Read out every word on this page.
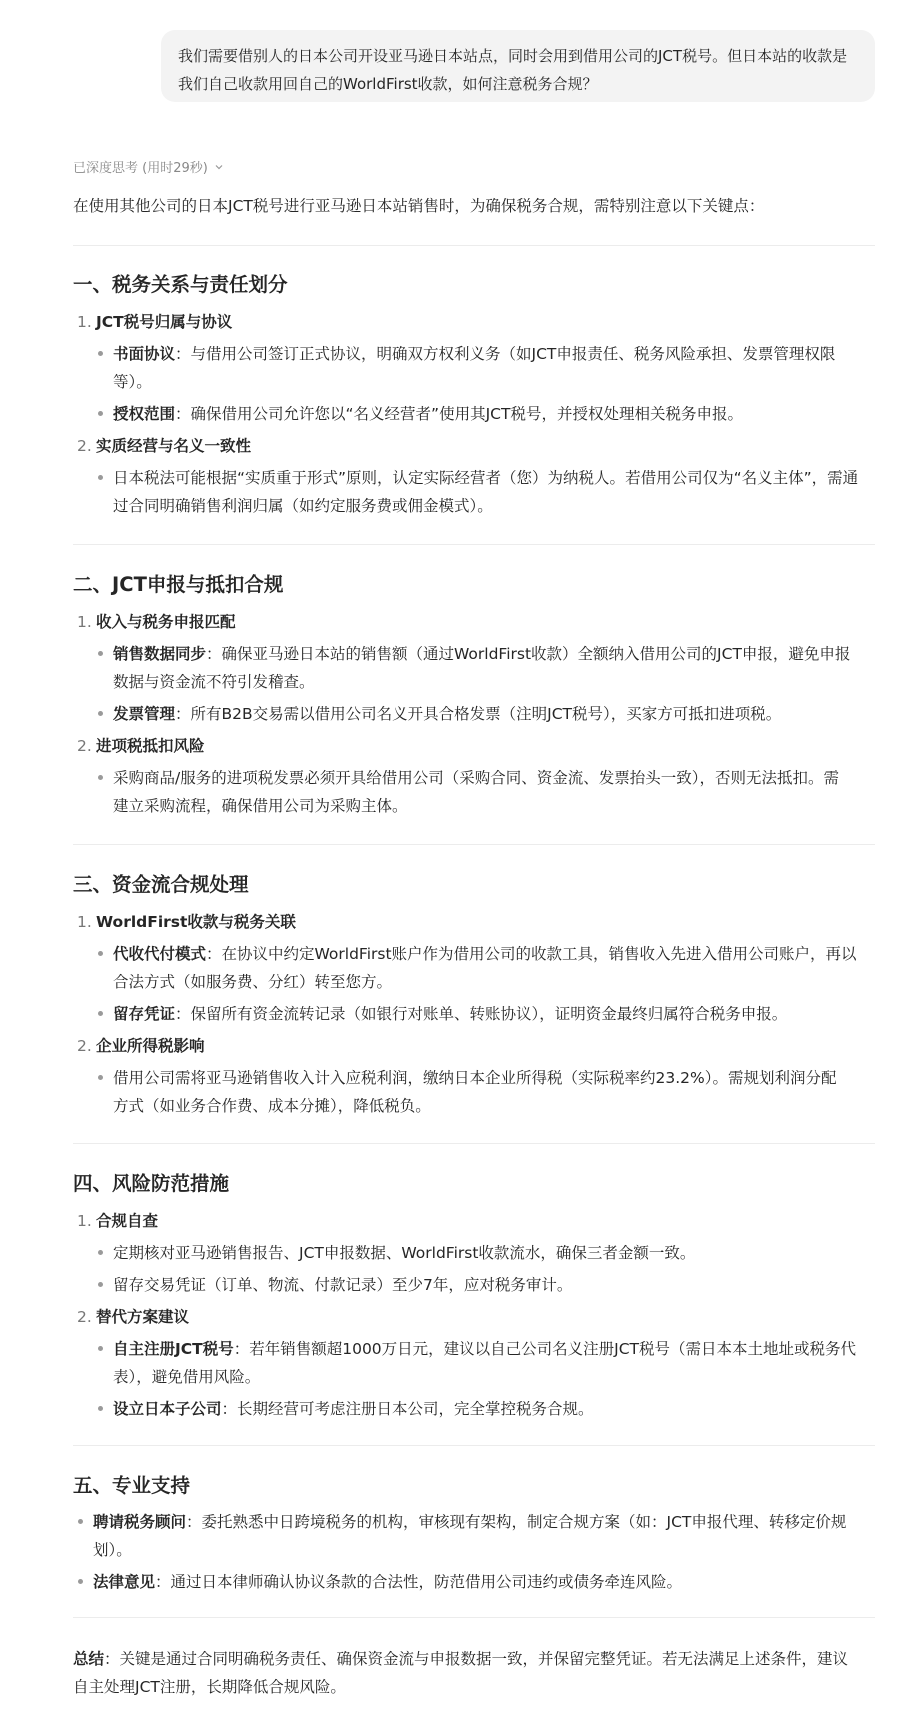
我们需要借别人的日本公司开设亚马逊日本站点，同时会用到借用公司的JCT税号。但日本站的收款是我们自己收款用回自己的WorldFirst收款，如何注意税务合规？
已深度思考 (用时29秒)
在使用其他公司的日本JCT税号进行亚马逊日本站销售时，为确保税务合规，需特别注意以下关键点：
一、税务关系与责任划分
1. JCT税号归属与协议
书面协议：与借用公司签订正式协议，明确双方权利义务（如JCT申报责任、税务风险承担、发票管理权限
等）。
授权范围：确保借用公司允许您以“名义经营者”使用其JCT税号，并授权处理相关税务申报。
2. 实质经营与名义一致性
日本税法可能根据“实质重于形式”原则，认定实际经营者（您）为纳税人。若借用公司仅为“名义主体”，需通
过合同明确销售利润归属（如约定服务费或佣金模式）。
二、JCT申报与抵扣合规
1. 收入与税务申报匹配
销售数据同步：确保亚马逊日本站的销售额（通过WorldFirst收款）全额纳入借用公司的JCT申报，避免申报
数据与资金流不符引发稽查。
发票管理：所有B2B交易需以借用公司名义开具合格发票（注明JCT税号），买家方可抵扣进项税。
2. 进项税抵扣风险
采购商品/服务的进项税发票必须开具给借用公司（采购合同、资金流、发票抬头一致），否则无法抵扣。需
建立采购流程，确保借用公司为采购主体。
三、资金流合规处理
1. WorldFirst收款与税务关联
代收代付模式：在协议中约定WorldFirst账户作为借用公司的收款工具，销售收入先进入借用公司账户，再以
合法方式（如服务费、分红）转至您方。
留存凭证：保留所有资金流转记录（如银行对账单、转账协议），证明资金最终归属符合税务申报。
2. 企业所得税影响
借用公司需将亚马逊销售收入计入应税利润，缴纳日本企业所得税（实际税率约23.2%）。需规划利润分配
方式（如业务合作费、成本分摊），降低税负。
四、风险防范措施
1. 合规自查
定期核对亚马逊销售报告、JCT申报数据、WorldFirst收款流水，确保三者金额一致。
留存交易凭证（订单、物流、付款记录）至少7年，应对税务审计。
2. 替代方案建议
自主注册JCT税号：若年销售额超1000万日元，建议以自己公司名义注册JCT税号（需日本本土地址或税务代
表），避免借用风险。
设立日本子公司：长期经营可考虑注册日本公司，完全掌控税务合规。
五、专业支持
聘请税务顾问：委托熟悉中日跨境税务的机构，审核现有架构，制定合规方案（如：JCT申报代理、转移定价规
划）。
法律意见：通过日本律师确认协议条款的合法性，防范借用公司违约或债务牵连风险。
总结：关键是通过合同明确税务责任、确保资金流与申报数据一致，并保留完整凭证。若无法满足上述条件，建议
自主处理JCT注册，长期降低合规风险。
